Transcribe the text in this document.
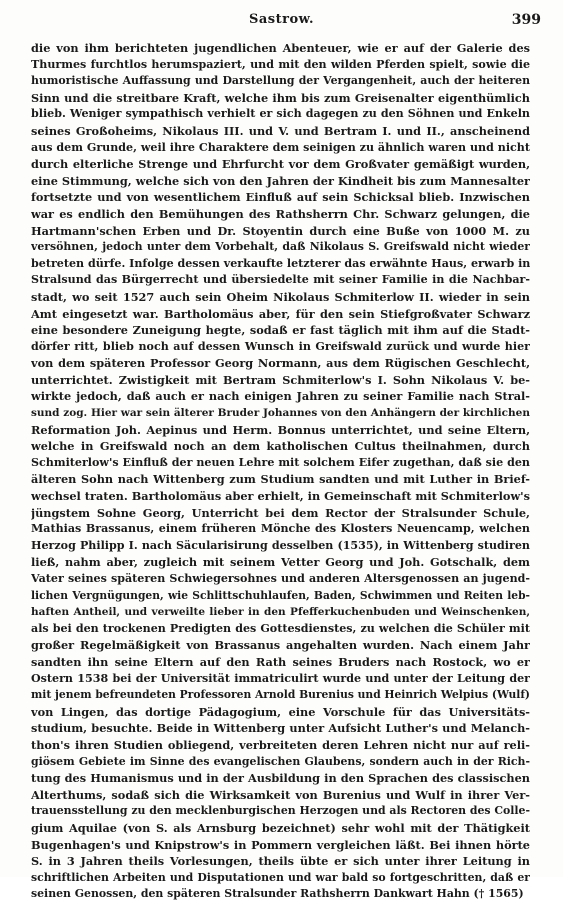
Sastrow.	399
die von ihm berichteten jugendlichen Abenteuer, wie er auf der Galerie des
Thurmes furchtlos herumspaziert, und mit den wilden Pferden spielt, sowie die
humoristische Auffassung und Darstellung der Vergangenheit, auch der heiteren
Sinn und die streitbare Kraft, welche ihm bis zum Greisenalter eigenthümlich
blieb. Weniger sympathisch verhielt er sich dagegen zu den Söhnen und Enkeln
seines Großoheims, Nikolaus III. und V. und Bertram I. und II., anscheinend
aus dem Grunde, weil ihre Charaktere dem seinigen zu ähnlich waren und nicht
durch elterliche Strenge und Ehrfurcht vor dem Großvater gemäßigt wurden,
eine Stimmung, welche sich von den Jahren der Kindheit bis zum Mannesalter
fortsetzte und von wesentlichem Einfluß auf sein Schicksal blieb. Inzwischen
war es endlich den Bemühungen des Rathsherrn Chr. Schwarz gelungen, die
Hartmann'schen Erben und Dr. Stoyentin durch eine Buße von 1000 M. zu
versöhnen, jedoch unter dem Vorbehalt, daß Nikolaus S. Greifswald nicht wieder
betreten dürfe. Infolge dessen verkaufte letzterer das erwähnte Haus, erwarb in
Stralsund das Bürgerrecht und übersiedelte mit seiner Familie in die Nachbar-
stadt, wo seit 1527 auch sein Oheim Nikolaus Schmiterlow II. wieder in sein
Amt eingesetzt war. Bartholomäus aber, für den sein Stiefgroßvater Schwarz
eine besondere Zuneigung hegte, sodaß er fast täglich mit ihm auf die Stadt-
dörfer ritt, blieb noch auf dessen Wunsch in Greifswald zurück und wurde hier
von dem späteren Professor Georg Normann, aus dem Rügischen Geschlecht,
unterrichtet. Zwistigkeit mit Bertram Schmiterlow's I. Sohn Nikolaus V. be-
wirkte jedoch, daß auch er nach einigen Jahren zu seiner Familie nach Stral-
sund zog. Hier war sein älterer Bruder Johannes von den Anhängern der kirchlichen
Reformation Joh. Aepinus und Herm. Bonnus unterrichtet, und seine Eltern,
welche in Greifswald noch an dem katholischen Cultus theilnahmen, durch
Schmiterlow's Einfluß der neuen Lehre mit solchem Eifer zugethan, daß sie den
älteren Sohn nach Wittenberg zum Studium sandten und mit Luther in Brief-
wechsel traten. Bartholomäus aber erhielt, in Gemeinschaft mit Schmiterlow's
jüngstem Sohne Georg, Unterricht bei dem Rector der Stralsunder Schule,
Mathias Brassanus, einem früheren Mönche des Klosters Neuencamp, welchen
Herzog Philipp I. nach Säcularisirung desselben (1535), in Wittenberg studiren
ließ, nahm aber, zugleich mit seinem Vetter Georg und Joh. Gotschalk, dem
Vater seines späteren Schwiegersohnes und anderen Altersgenossen an jugend-
lichen Vergnügungen, wie Schlittschuhlaufen, Baden, Schwimmen und Reiten leb-
haften Antheil, und verweilte lieber in den Pfefferkuchenbuden und Weinschenken,
als bei den trockenen Predigten des Gottesdienstes, zu welchen die Schüler mit
großer Regelmäßigkeit von Brassanus angehalten wurden. Nach einem Jahr
sandten ihn seine Eltern auf den Rath seines Bruders nach Rostock, wo er
Ostern 1538 bei der Universität immatriculirt wurde und unter der Leitung der
mit jenem befreundeten Professoren Arnold Burenius und Heinrich Welpius (Wulf)
von Lingen, das dortige Pädagogium, eine Vorschule für das Universitäts-
studium, besuchte. Beide in Wittenberg unter Aufsicht Luther's und Melanch-
thon's ihren Studien obliegend, verbreiteten deren Lehren nicht nur auf reli-
giösem Gebiete im Sinne des evangelischen Glaubens, sondern auch in der Rich-
tung des Humanismus und in der Ausbildung in den Sprachen des classischen
Alterthums, sodaß sich die Wirksamkeit von Burenius und Wulf in ihrer Ver-
trauensstellung zu den mecklenburgischen Herzogen und als Rectoren des Colle-
gium Aquilae (von S. als Arnsburg bezeichnet) sehr wohl mit der Thätigkeit
Bugenhagen's und Knipstrow's in Pommern vergleichen läßt. Bei ihnen hörte
S. in 3 Jahren theils Vorlesungen, theils übte er sich unter ihrer Leitung in
schriftlichen Arbeiten und Disputationen und war bald so fortgeschritten, daß er
seinen Genossen, den späteren Stralsunder Rathsherrn Dankwart Hahn († 1565)
